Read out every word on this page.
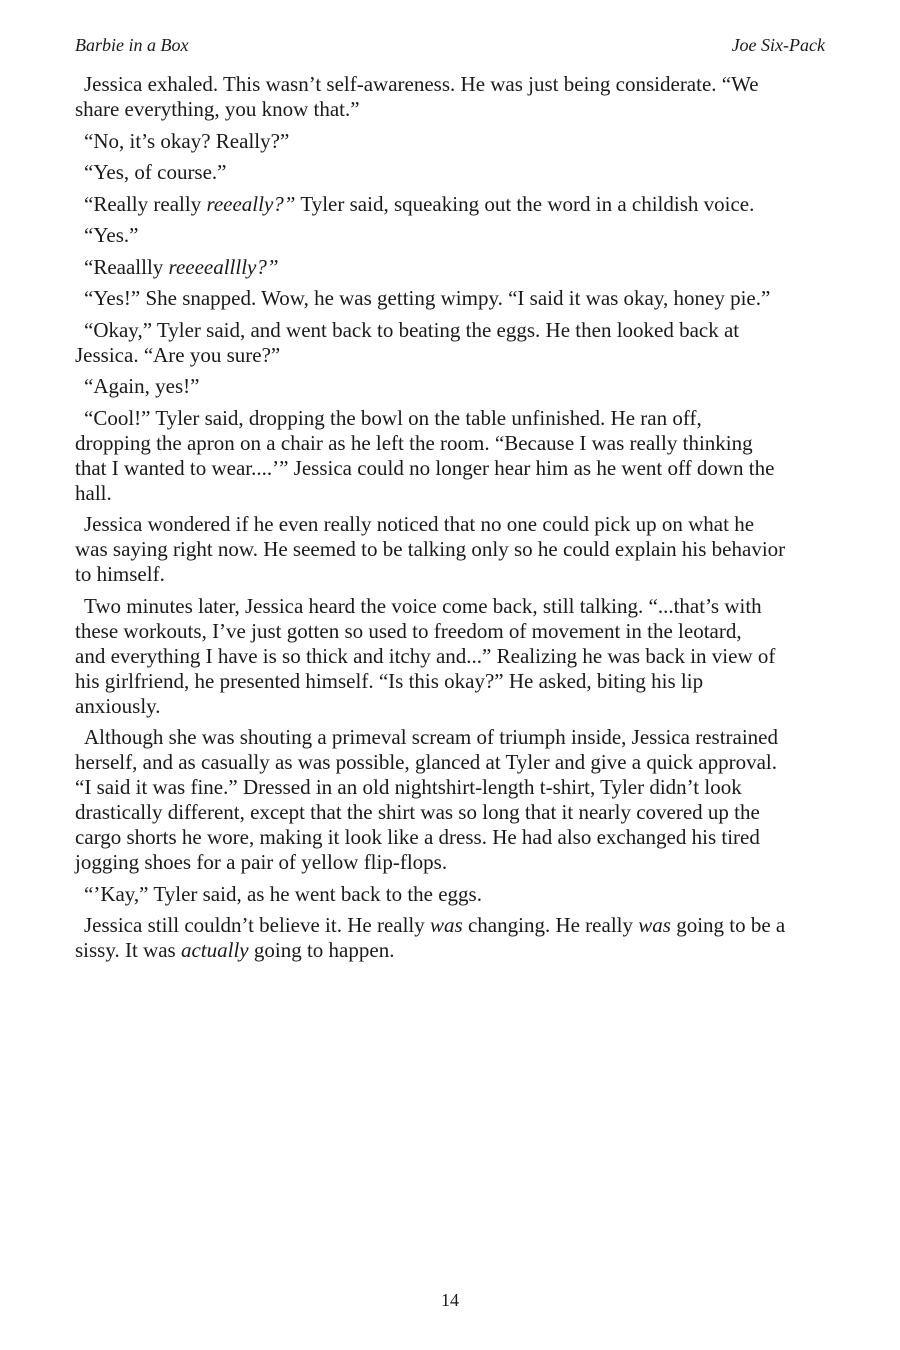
Barbie in a Box	Joe Six-Pack

Jessica exhaled. This wasn’t self-awareness. He was just being considerate. “We
share everything, you know that.”

“No, it’s okay? Really?”

“Yes, of course.”

“Really really reeeally?” Tyler said, squeaking out the word in a childish voice.

“Yes.”

“Reaallly reeeealllly?”

“Yes!” She snapped. Wow, he was getting wimpy. “I said it was okay, honey pie.”

“Okay,” Tyler said, and went back to beating the eggs. He then looked back at
Jessica. “Are you sure?”

“Again, yes!”

“Cool!” Tyler said, dropping the bowl on the table unfinished. He ran off,
dropping the apron on a chair as he left the room. “Because I was really thinking
that I wanted to wear....’” Jessica could no longer hear him as he went off down the
hall.

Jessica wondered if he even really noticed that no one could pick up on what he
was saying right now. He seemed to be talking only so he could explain his behavior
to himself.

Two minutes later, Jessica heard the voice come back, still talking. “...that’s with
these workouts, I’ve just gotten so used to freedom of movement in the leotard,
and everything I have is so thick and itchy and...” Realizing he was back in view of
his girlfriend, he presented himself. “Is this okay?” He asked, biting his lip
anxiously.

Although she was shouting a primeval scream of triumph inside, Jessica restrained
herself, and as casually as was possible, glanced at Tyler and give a quick approval.
“I said it was fine.” Dressed in an old nightshirt-length t-shirt, Tyler didn’t look
drastically different, except that the shirt was so long that it nearly covered up the
cargo shorts he wore, making it look like a dress. He had also exchanged his tired
jogging shoes for a pair of yellow flip-flops.

“’Kay,” Tyler said, as he went back to the eggs.

Jessica still couldn’t believe it. He really was changing. He really was going to be a
sissy. It was actually going to happen.

14
